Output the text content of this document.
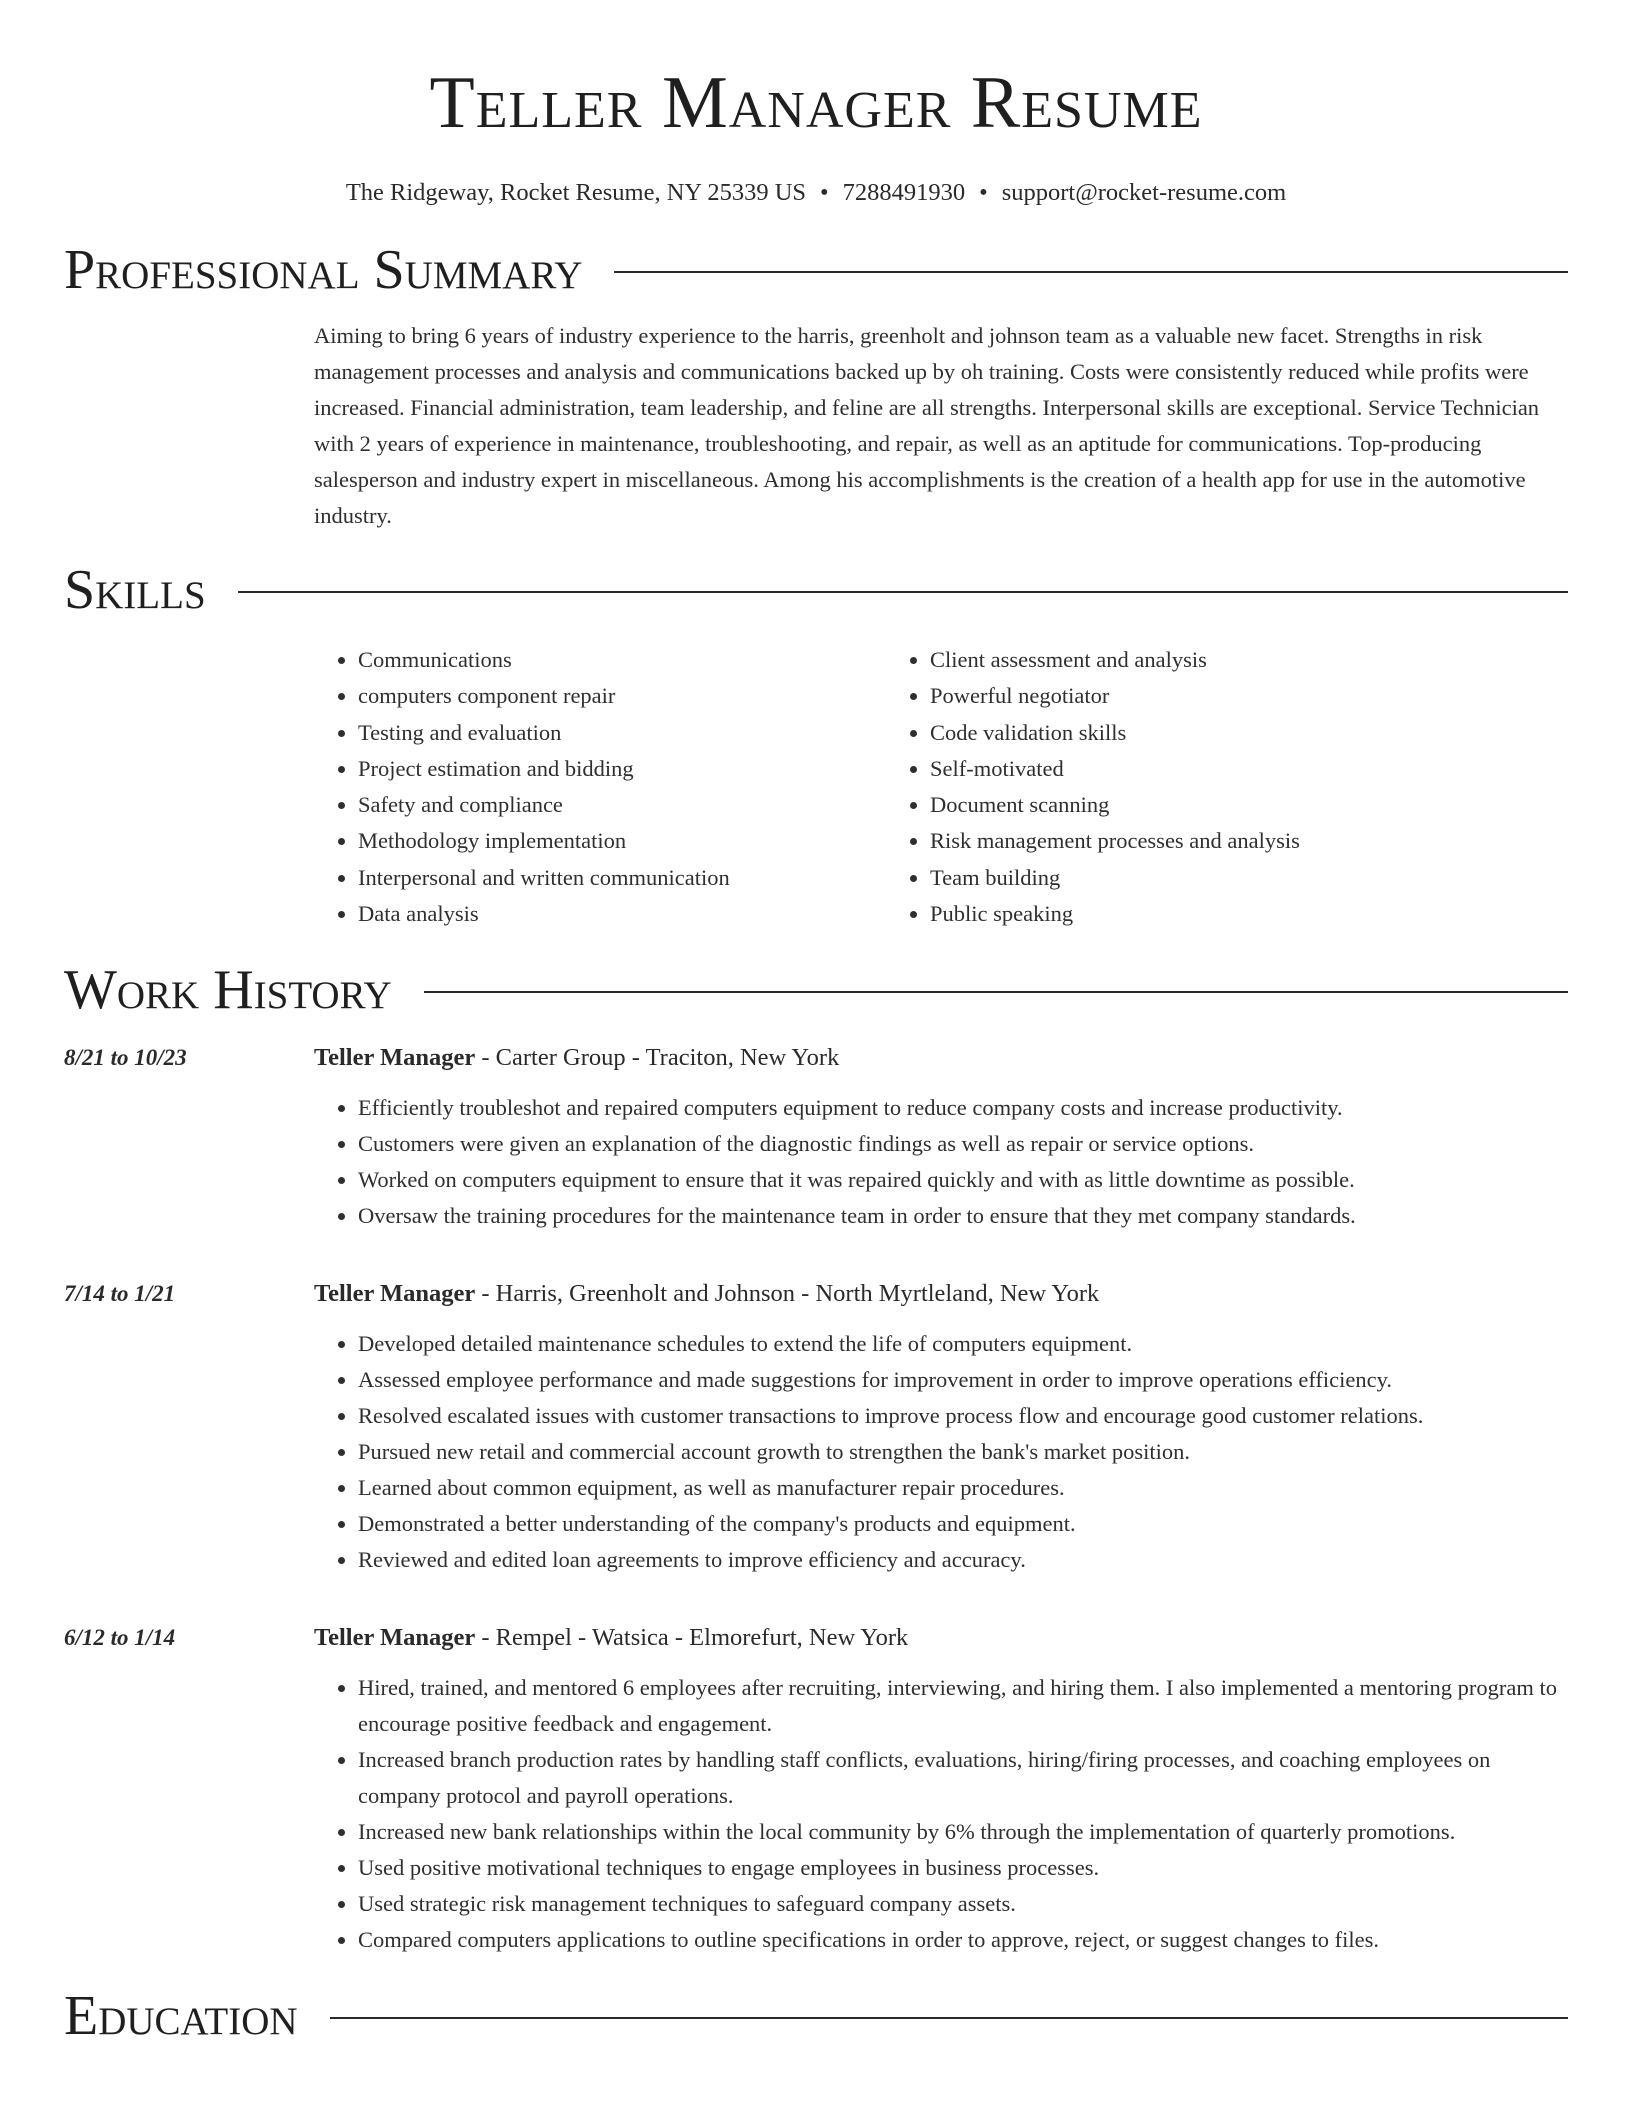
Teller Manager Resume
The Ridgeway, Rocket Resume, NY 25339 US • 7288491930 • support@rocket-resume.com
Professional Summary

Aiming to bring 6 years of industry experience to the harris, greenholt and johnson team as a valuable new facet. Strengths in risk management processes and analysis and communications backed up by oh training. Costs were consistently reduced while profits were increased. Financial administration, team leadership, and feline are all strengths. Interpersonal skills are exceptional. Service Technician with 2 years of experience in maintenance, troubleshooting, and repair, as well as an aptitude for communications. Top-producing salesperson and industry expert in miscellaneous. Among his accomplishments is the creation of a health app for use in the automotive industry.

Skills
• Communications
• computers component repair
• Testing and evaluation
• Project estimation and bidding
• Safety and compliance
• Methodology implementation
• Interpersonal and written communication
• Data analysis
• Client assessment and analysis
• Powerful negotiator
• Code validation skills
• Self-motivated
• Document scanning
• Risk management processes and analysis
• Team building
• Public speaking
Work History
8/21 to 10/23	Teller Manager - Carter Group - Traciton, New York
• Efficiently troubleshot and repaired computers equipment to reduce company costs and increase productivity.
• Customers were given an explanation of the diagnostic findings as well as repair or service options.
• Worked on computers equipment to ensure that it was repaired quickly and with as little downtime as possible.
• Oversaw the training procedures for the maintenance team in order to ensure that they met company standards.
7/14 to 1/21	Teller Manager - Harris, Greenholt and Johnson - North Myrtleland, New York
• Developed detailed maintenance schedules to extend the life of computers equipment.
• Assessed employee performance and made suggestions for improvement in order to improve operations efficiency.
• Resolved escalated issues with customer transactions to improve process flow and encourage good customer relations.
• Pursued new retail and commercial account growth to strengthen the bank's market position.
• Learned about common equipment, as well as manufacturer repair procedures.
• Demonstrated a better understanding of the company's products and equipment.
• Reviewed and edited loan agreements to improve efficiency and accuracy.
6/12 to 1/14	Teller Manager - Rempel - Watsica - Elmorefurt, New York
• Hired, trained, and mentored 6 employees after recruiting, interviewing, and hiring them. I also implemented a mentoring program to encourage positive feedback and engagement.
• Increased branch production rates by handling staff conflicts, evaluations, hiring/firing processes, and coaching employees on company protocol and payroll operations.
• Increased new bank relationships within the local community by 6% through the implementation of quarterly promotions.
• Used positive motivational techniques to engage employees in business processes.
• Used strategic risk management techniques to safeguard company assets.
• Compared computers applications to outline specifications in order to approve, reject, or suggest changes to files.
Education
